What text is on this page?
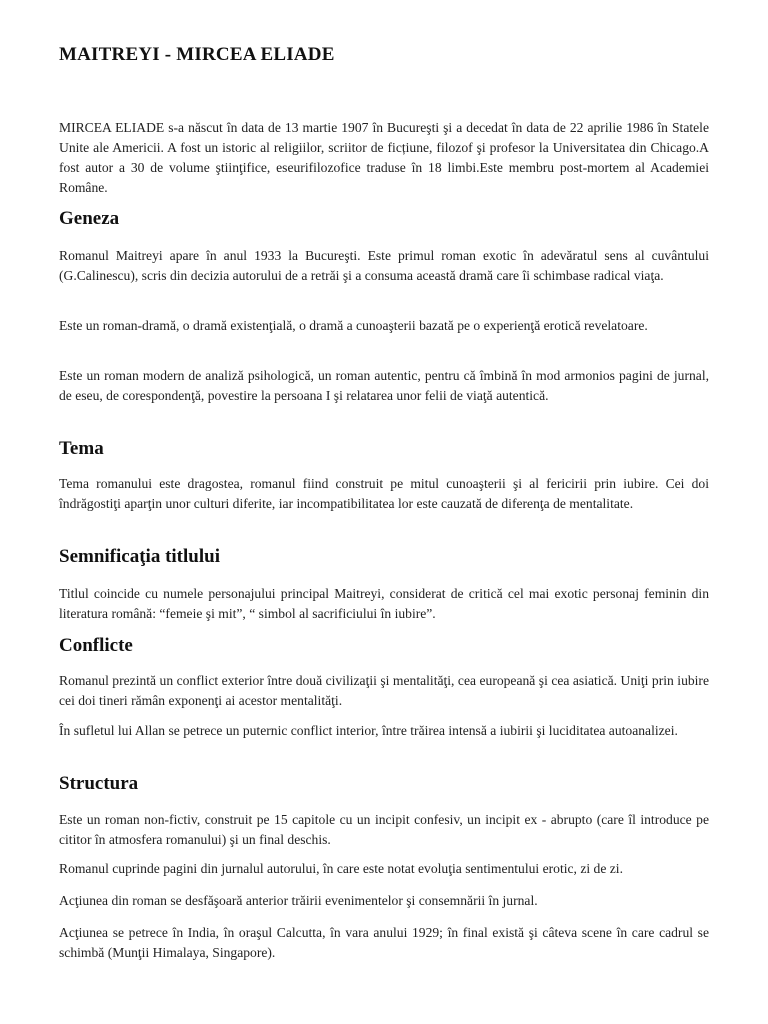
MAITREYI - MIRCEA ELIADE

MIRCEA ELIADE s-a născut în data de 13 martie 1907 în Bucureşti şi a decedat în data de 22 aprilie 1986 în Statele Unite ale Americii. A fost un istoric al religiilor, scriitor de ficțiune, filozof şi profesor la Universitatea din Chicago.A fost autor a 30 de volume ştiinţifice, eseurifilozofice traduse în 18 limbi.Este membru post-mortem al Academiei Române.

Geneza

Romanul Maitreyi apare în anul 1933 la Bucureşti. Este primul roman exotic în adevăratul sens al cuvântului (G.Calinescu), scris din decizia autorului de a retrăi şi a consuma această dramă care îi schimbase radical viaţa.

Este un roman-dramă, o dramă existenţială, o dramă a cunoaşterii bazată pe o experienţă erotică revelatoare.

Este un roman modern de analiză psihologică, un roman autentic, pentru că îmbină în mod armonios pagini de jurnal, de eseu, de corespondenţă, povestire la persoana I şi relatarea unor felii de viaţă autentică.

Tema

Tema romanului este dragostea, romanul fiind construit pe mitul cunoaşterii şi al fericirii prin iubire. Cei doi îndrăgostiţi aparţin unor culturi diferite, iar incompatibilitatea lor este cauzată de diferenţa de mentalitate.

Semnificaţia titlului

Titlul coincide cu numele personajului principal Maitreyi, considerat de critică cel mai exotic personaj feminin din literatura română: “femeie şi mit”, “ simbol al sacrificiului în iubire”.

Conflicte

Romanul prezintă un conflict exterior între două civilizaţii şi mentalităţi, cea europeană şi cea asiatică. Uniţi prin iubire cei doi tineri rămân exponenţi ai acestor mentalităţi.

În sufletul lui Allan se petrece un puternic conflict interior, între trăirea intensă a iubirii şi luciditatea autoanalizei.

Structura

Este un roman non-fictiv, construit pe 15 capitole cu un incipit confesiv, un incipit ex - abrupto (care îl introduce pe cititor în atmosfera romanului) şi un final deschis.

Romanul cuprinde pagini din jurnalul autorului, în care este notat evoluţia sentimentului erotic, zi de zi.

Acţiunea din roman se desfăşoară anterior trăirii evenimentelor şi consemnării în jurnal.

Acţiunea se petrece în India, în oraşul Calcutta, în vara anului 1929; în final există şi câteva scene în care cadrul se schimbă (Munţii Himalaya, Singapore).
